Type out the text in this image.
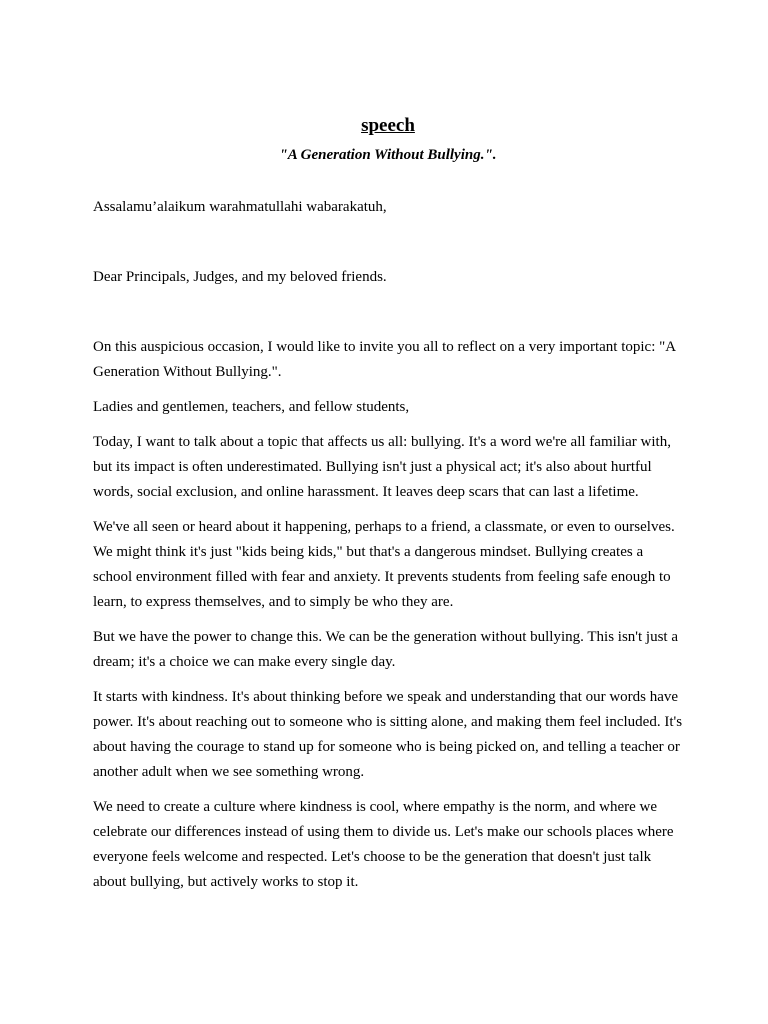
speech

"A Generation Without Bullying.".

Assalamu’alaikum warahmatullahi wabarakatuh,

Dear Principals, Judges, and my beloved friends.

On this auspicious occasion, I would like to invite you all to reflect on a very important topic: "A Generation Without Bullying.".

Ladies and gentlemen, teachers, and fellow students,

Today, I want to talk about a topic that affects us all: bullying. It's a word we're all familiar with, but its impact is often underestimated. Bullying isn't just a physical act; it's also about hurtful words, social exclusion, and online harassment. It leaves deep scars that can last a lifetime.

We've all seen or heard about it happening, perhaps to a friend, a classmate, or even to ourselves. We might think it's just "kids being kids," but that's a dangerous mindset. Bullying creates a school environment filled with fear and anxiety. It prevents students from feeling safe enough to learn, to express themselves, and to simply be who they are.

But we have the power to change this. We can be the generation without bullying. This isn't just a dream; it's a choice we can make every single day.

It starts with kindness. It's about thinking before we speak and understanding that our words have power. It's about reaching out to someone who is sitting alone, and making them feel included. It's about having the courage to stand up for someone who is being picked on, and telling a teacher or another adult when we see something wrong.

We need to create a culture where kindness is cool, where empathy is the norm, and where we celebrate our differences instead of using them to divide us. Let's make our schools places where everyone feels welcome and respected. Let's choose to be the generation that doesn't just talk about bullying, but actively works to stop it.
